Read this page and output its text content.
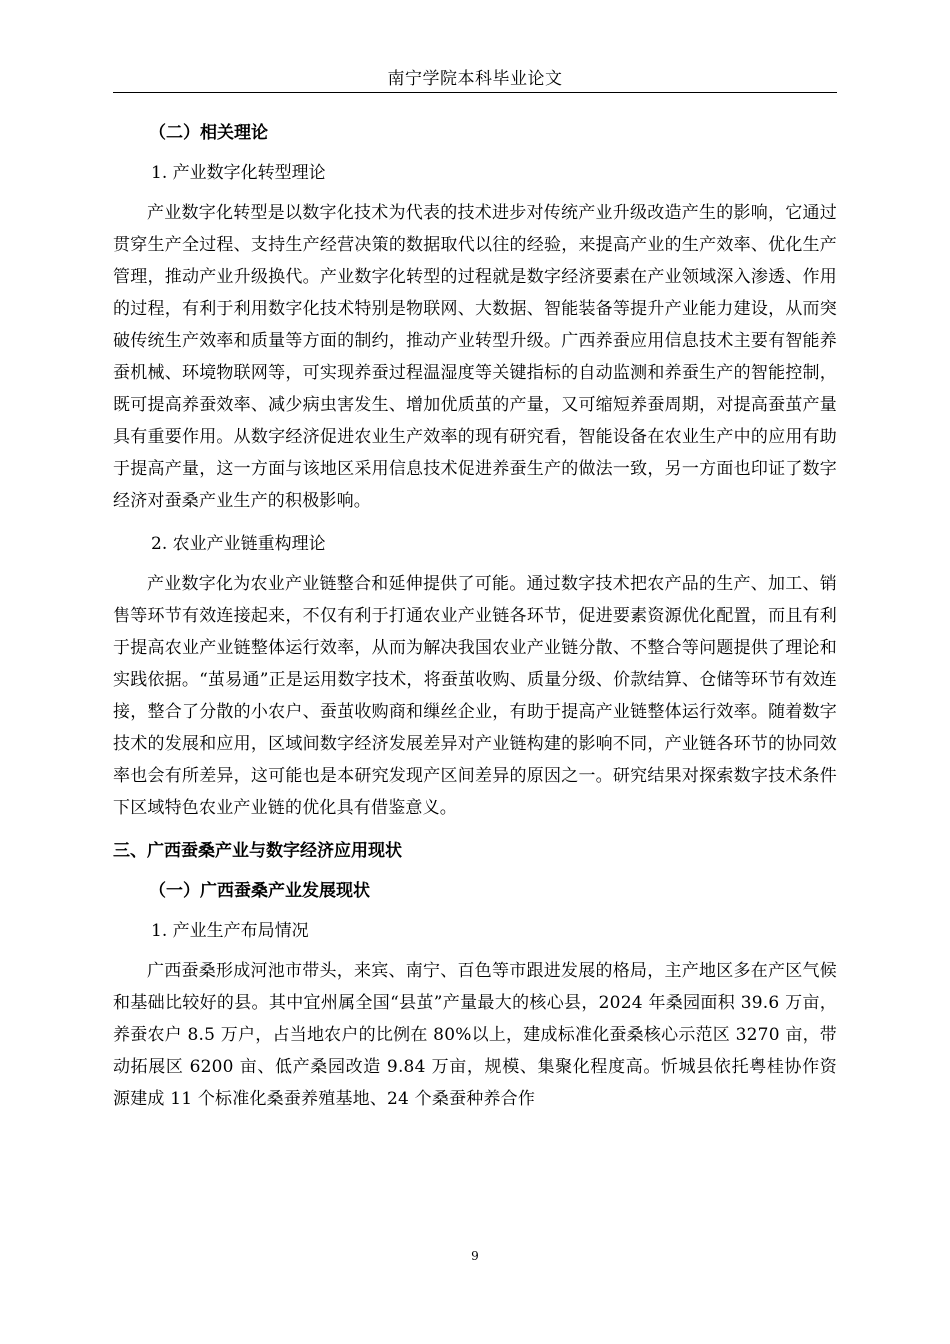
南宁学院本科毕业论文
（二）相关理论
1. 产业数字化转型理论

产业数字化转型是以数字化技术为代表的技术进步对传统产业升级改造产生的影响，它通过贯穿生产全过程、支持生产经营决策的数据取代以往的经验，来提高产业的生产效率、优化生产管理，推动产业升级换代。产业数字化转型的过程就是数字经济要素在产业领域深入渗透、作用的过程，有利于利用数字化技术特别是物联网、大数据、智能装备等提升产业能力建设，从而突破传统生产效率和质量等方面的制约，推动产业转型升级。广西养蚕应用信息技术主要有智能养蚕机械、环境物联网等，可实现养蚕过程温湿度等关键指标的自动监测和养蚕生产的智能控制，既可提高养蚕效率、减少病虫害发生、增加优质茧的产量，又可缩短养蚕周期，对提高蚕茧产量具有重要作用。从数字经济促进农业生产效率的现有研究看，智能设备在农业生产中的应用有助于提高产量，这一方面与该地区采用信息技术促进养蚕生产的做法一致，另一方面也印证了数字经济对蚕桑产业生产的积极影响。

2. 农业产业链重构理论

产业数字化为农业产业链整合和延伸提供了可能。通过数字技术把农产品的生产、加工、销售等环节有效连接起来，不仅有利于打通农业产业链各环节，促进要素资源优化配置，而且有利于提高农业产业链整体运行效率，从而为解决我国农业产业链分散、不整合等问题提供了理论和实践依据。“茧易通”正是运用数字技术，将蚕茧收购、质量分级、价款结算、仓储等环节有效连接，整合了分散的小农户、蚕茧收购商和缫丝企业，有助于提高产业链整体运行效率。随着数字技术的发展和应用，区域间数字经济发展差异对产业链构建的影响不同，产业链各环节的协同效率也会有所差异，这可能也是本研究发现产区间差异的原因之一。研究结果对探索数字技术条件下区域特色农业产业链的优化具有借鉴意义。

三、广西蚕桑产业与数字经济应用现状
（一）广西蚕桑产业发展现状
1. 产业生产布局情况

广西蚕桑形成河池市带头，来宾、南宁、百色等市跟进发展的格局，主产地区多在产区气候和基础比较好的县。其中宜州属全国“县茧”产量最大的核心县，2024 年桑园面积 39.6 万亩，养蚕农户 8.5 万户，占当地农户的比例在 80%以上，建成标准化蚕桑核心示范区 3270 亩，带动拓展区 6200 亩、低产桑园改造 9.84 万亩，规模、集聚化程度高。忻城县依托粤桂协作资源建成 11 个标准化桑蚕养殖基地、24 个桑蚕种养合作

9
